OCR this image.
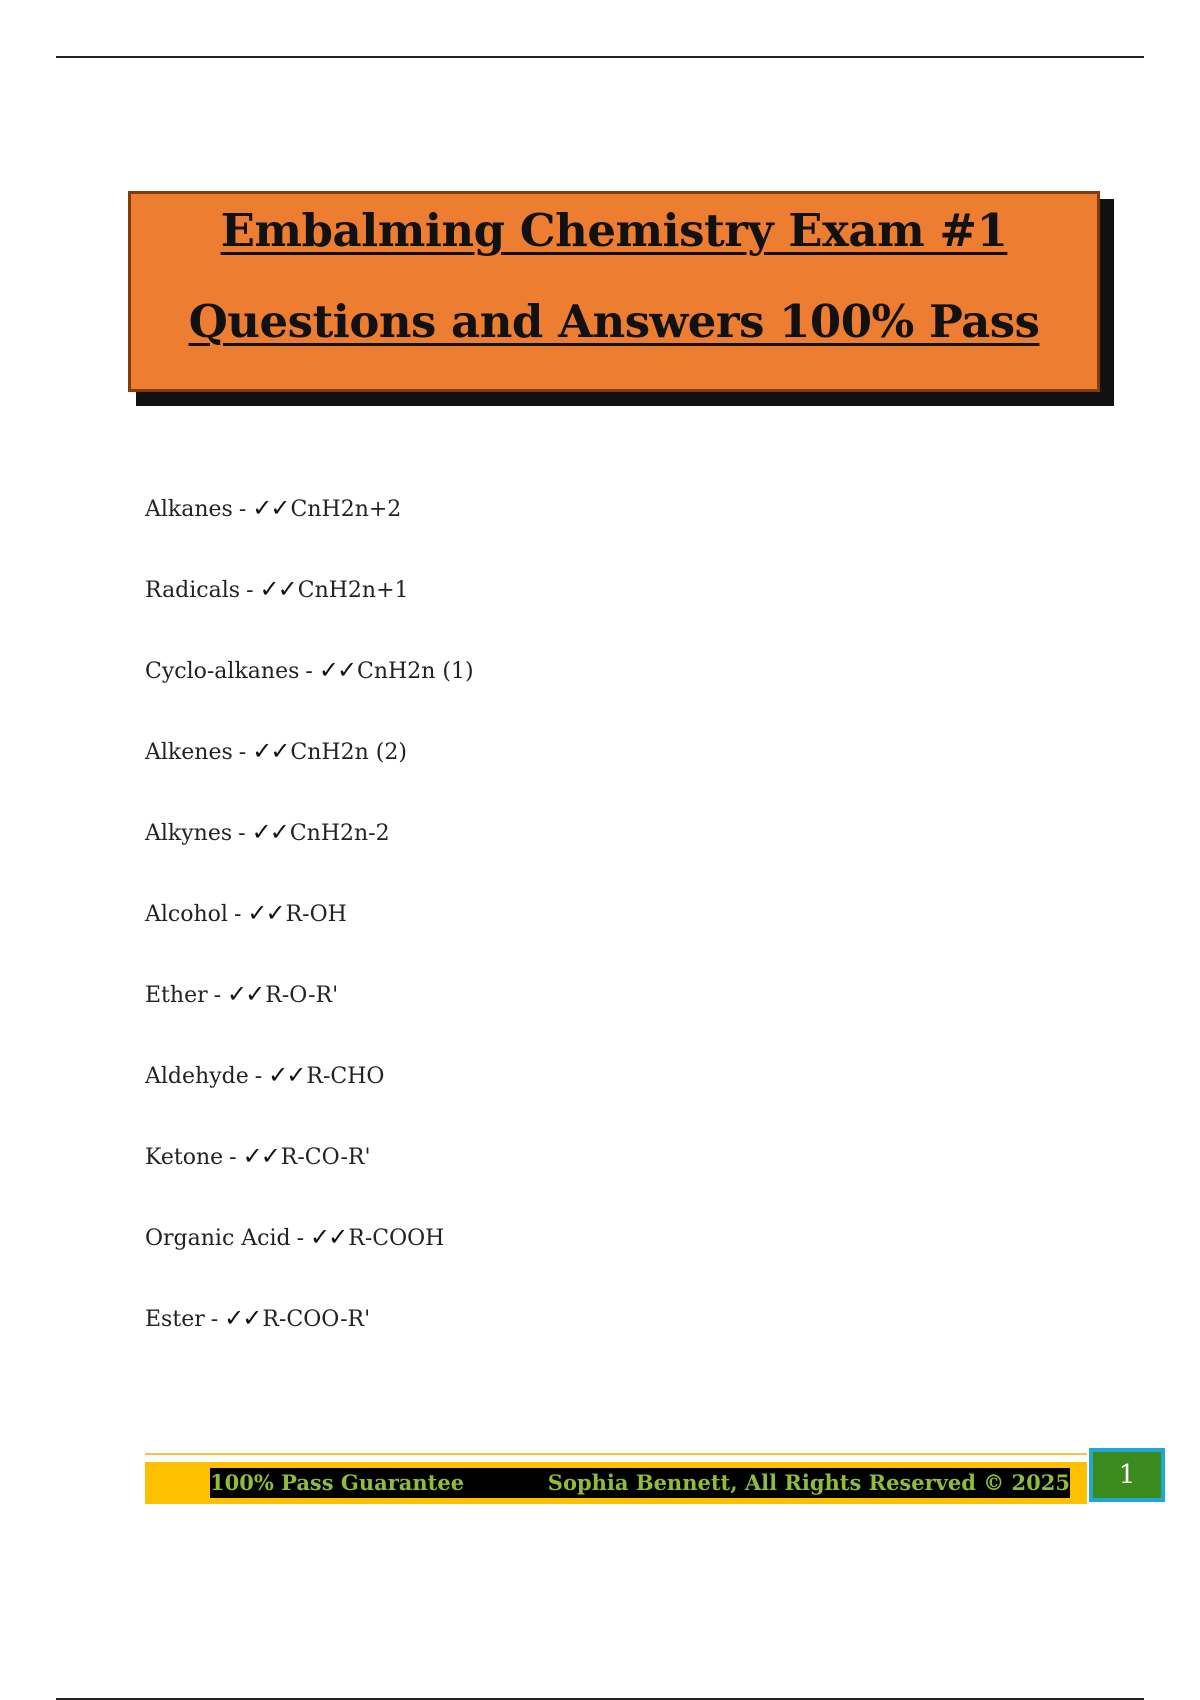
Embalming Chemistry Exam #1
Questions and Answers 100% Pass
Alkanes - ✓✓CnH2n+2
Radicals - ✓✓CnH2n+1
Cyclo-alkanes - ✓✓CnH2n (1)
Alkenes - ✓✓CnH2n (2)
Alkynes - ✓✓CnH2n-2
Alcohol - ✓✓R-OH
Ether - ✓✓R-O-R'
Aldehyde - ✓✓R-CHO
Ketone - ✓✓R-CO-R'
Organic Acid - ✓✓R-COOH
Ester - ✓✓R-COO-R'
100% Pass Guarantee	Sophia Bennett, All Rights Reserved © 2025	1
